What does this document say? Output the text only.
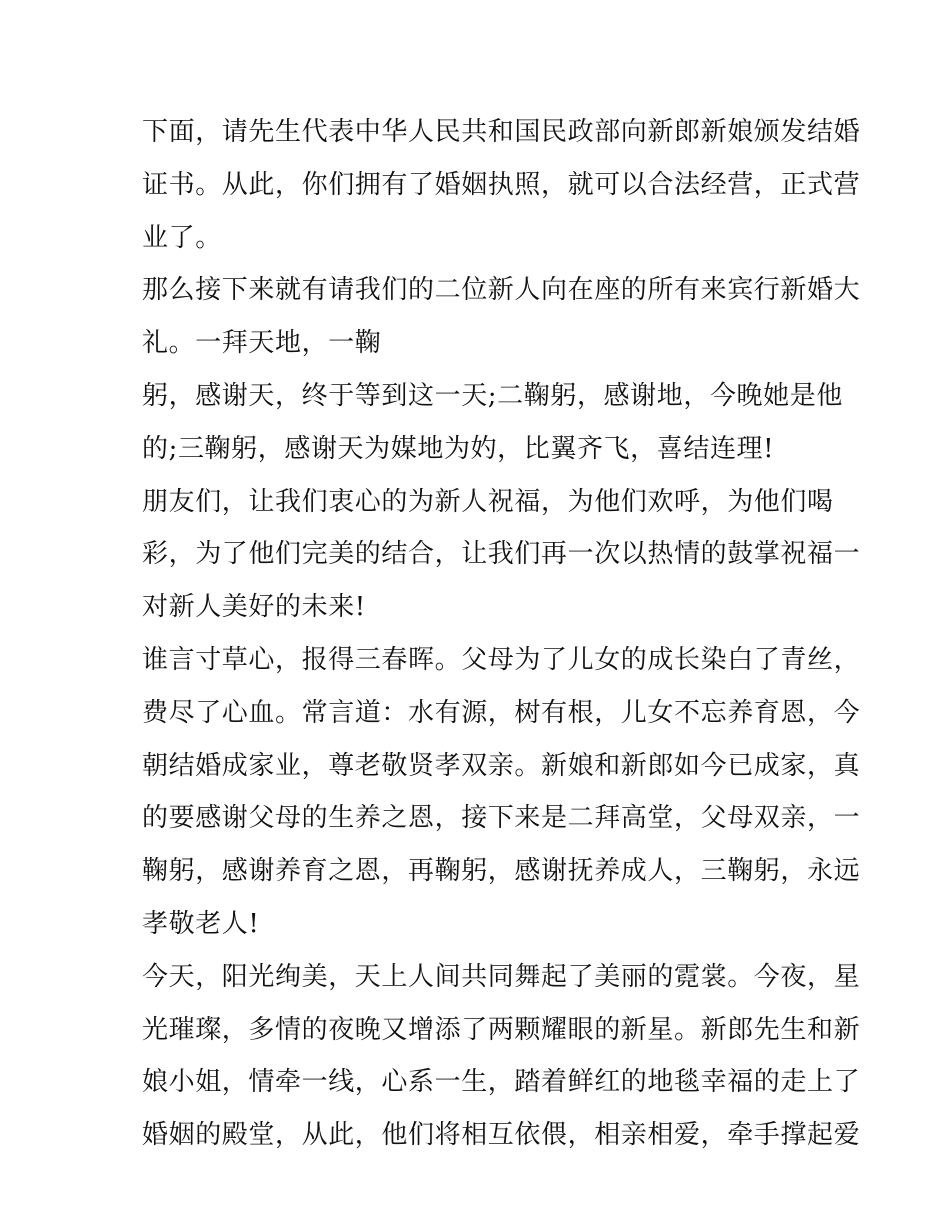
下面，请先生代表中华人民共和国民政部向新郎新娘颁发结婚
证书。从此，你们拥有了婚姻执照，就可以合法经营，正式营
业了。
那么接下来就有请我们的二位新人向在座的所有来宾行新婚大
礼。一拜天地，一鞠
躬，感谢天，终于等到这一天;二鞠躬，感谢地，今晚她是他
的;三鞠躬，感谢天为媒地为妁，比翼齐飞，喜结连理!
朋友们，让我们衷心的为新人祝福，为他们欢呼，为他们喝
彩，为了他们完美的结合，让我们再一次以热情的鼓掌祝福一
对新人美好的未来!
谁言寸草心，报得三春晖。父母为了儿女的成长染白了青丝，
费尽了心血。常言道：水有源，树有根，儿女不忘养育恩，今
朝结婚成家业，尊老敬贤孝双亲。新娘和新郎如今已成家，真
的要感谢父母的生养之恩，接下来是二拜高堂，父母双亲，一
鞠躬，感谢养育之恩，再鞠躬，感谢抚养成人，三鞠躬，永远
孝敬老人!
今天，阳光绚美，天上人间共同舞起了美丽的霓裳。今夜，星
光璀璨，多情的夜晚又增添了两颗耀眼的新星。新郎先生和新
娘小姐，情牵一线，心系一生，踏着鲜红的地毯幸福的走上了
婚姻的殿堂，从此，他们将相互依偎，相亲相爱，牵手撑起爱
